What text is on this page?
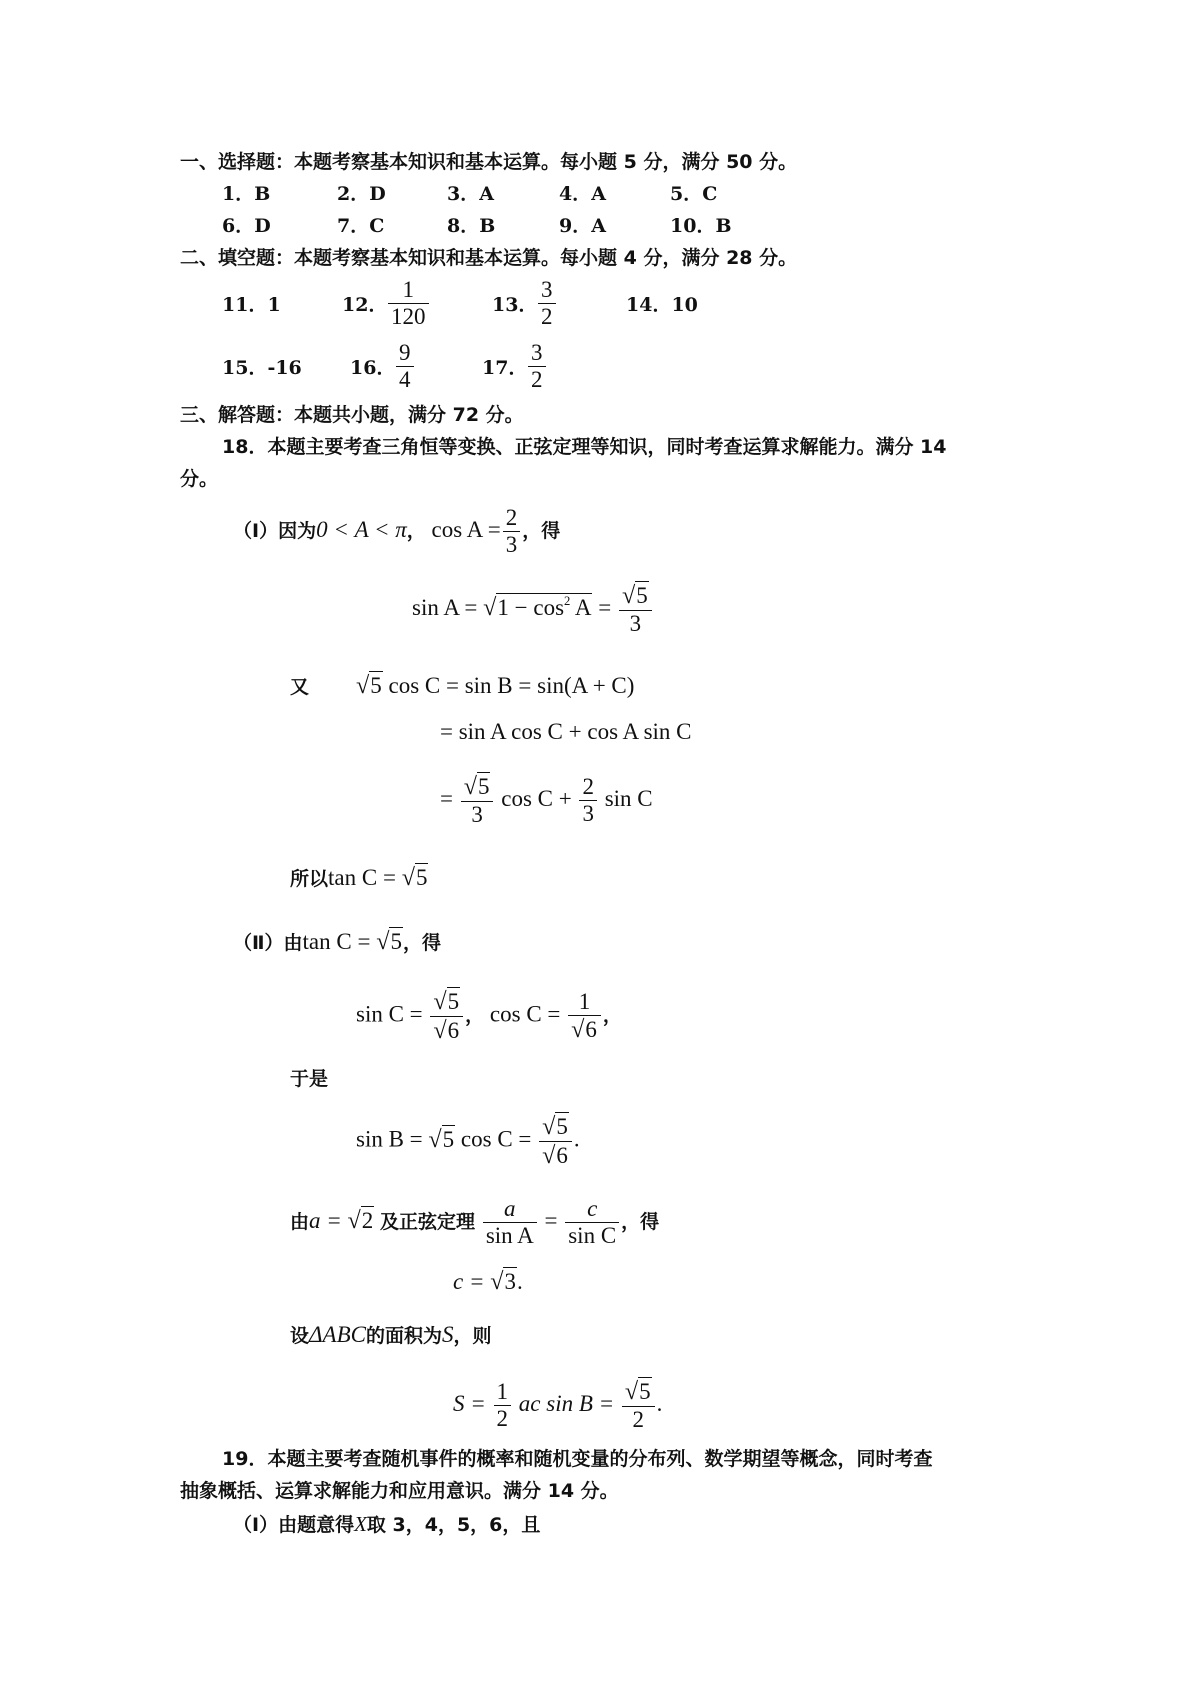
一、选择题：本题考察基本知识和基本运算。每小题 5 分，满分 50 分。
1．B	2．D	3．A	4．A	5．C
6．D	7．C	8．B	9．A	10．B
二、填空题：本题考察基本知识和基本运算。每小题 4 分，满分 28 分。
11．1	12． $\frac{1}{120}$	13． $\frac{3}{2}$	14．10
15．-16	16． $\frac{9}{4}$	17． $\frac{3}{2}$
三、解答题：本题共小题，满分 72 分。
18．本题主要考查三角恒等变换、正弦定理等知识，同时考查运算求解能力。满分 14
分。
（Ⅰ）因为0 < A < π， $\cos A = \frac{2}{3}$ ，得
$\sin A = √1 - \cos^2 A = \frac{√5}{3}$
又 √5 cos C = sin B = sin(A + C)
= sin A cos C + cos A sin C
= $\frac{√5}{3}$ $\cos C + \frac{2}{3}$ sin C
所以tan C = √5
（Ⅱ）由tan C = √5，得
$\sin C = \frac{√5}{√6}$ ， $\cos C = \frac{1}{√6}$ ，
于是
sin B = √5 $\cos C = \frac{√5}{√6}$ .
由a = √2 及正弦定理 $\frac{a}{\text{sin A}} = \frac{c}{\text{sin C}}$ ，得
c = √3.
设ΔABC的面积为S，则
$S = \frac{1}{2}$ ac $\sin B = \frac{√5}{2}$ .
19．本题主要考查随机事件的概率和随机变量的分布列、数学期望等概念，同时考查
抽象概括、运算求解能力和应用意识。满分 14 分。
（Ⅰ）由题意得X取 3，4，5，6，且
